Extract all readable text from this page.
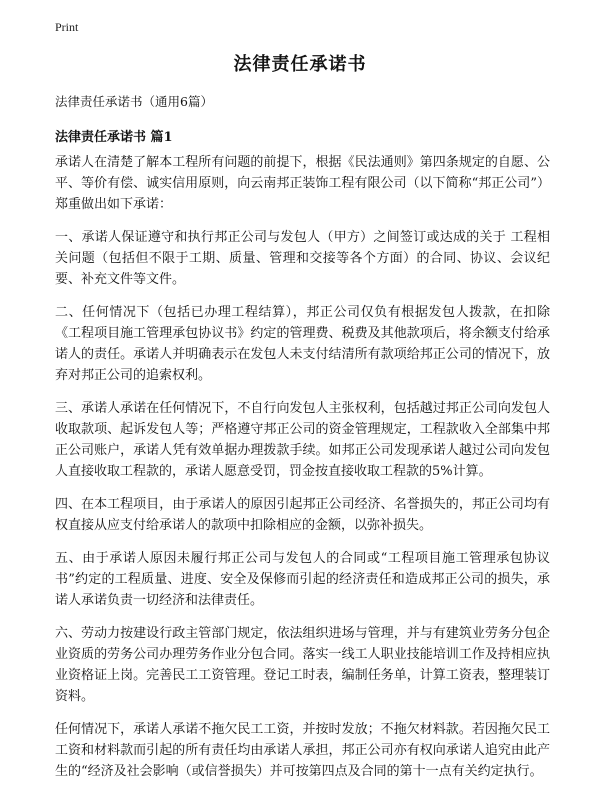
Print
法律责任承诺书

法律责任承诺书（通用6篇）

法律责任承诺书 篇1

承诺人在清楚了解本工程所有问题的前提下，根据《民法通则》第四条规定的自愿、公平、等价有偿、诚实信用原则，向云南邦正装饰工程有限公司（以下简称“邦正公司”）郑重做出如下承诺：

一、承诺人保证遵守和执行邦正公司与发包人（甲方）之间签订或达成的关于 工程相关问题（包括但不限于工期、质量、管理和交接等各个方面）的合同、协议、会议纪要、补充文件等文件。

二、任何情况下（包括已办理工程结算），邦正公司仅负有根据发包人拨款，在扣除《工程项目施工管理承包协议书》约定的管理费、税费及其他款项后，将余额支付给承诺人的责任。承诺人并明确表示在发包人未支付结清所有款项给邦正公司的情况下，放弃对邦正公司的追索权利。

三、承诺人承诺在任何情况下，不自行向发包人主张权利，包括越过邦正公司向发包人收取款项、起诉发包人等；严格遵守邦正公司的资金管理规定，工程款收入全部集中邦正公司账户，承诺人凭有效单据办理拨款手续。如邦正公司发现承诺人越过公司向发包人直接收取工程款的，承诺人愿意受罚，罚金按直接收取工程款的5%计算。

四、在本工程项目，由于承诺人的原因引起邦正公司经济、名誉损失的，邦正公司均有权直接从应支付给承诺人的款项中扣除相应的金额，以弥补损失。

五、由于承诺人原因未履行邦正公司与发包人的合同或“工程项目施工管理承包协议书”约定的工程质量、进度、安全及保修而引起的经济责任和造成邦正公司的损失，承诺人承诺负责一切经济和法律责任。

六、劳动力按建设行政主管部门规定，依法组织进场与管理，并与有建筑业劳务分包企业资质的劳务公司办理劳务作业分包合同。落实一线工人职业技能培训工作及持相应执业资格证上岗。完善民工工资管理。登记工时表，编制任务单，计算工资表，整理装订资料。

任何情况下，承诺人承诺不拖欠民工工资，并按时发放；不拖欠材料款。若因拖欠民工工资和材料款而引起的所有责任均由承诺人承担，邦正公司亦有权向承诺人追究由此产生的“经济及社会影响（或信誉损失）并可按第四点及合同的第十一点有关约定执行。
